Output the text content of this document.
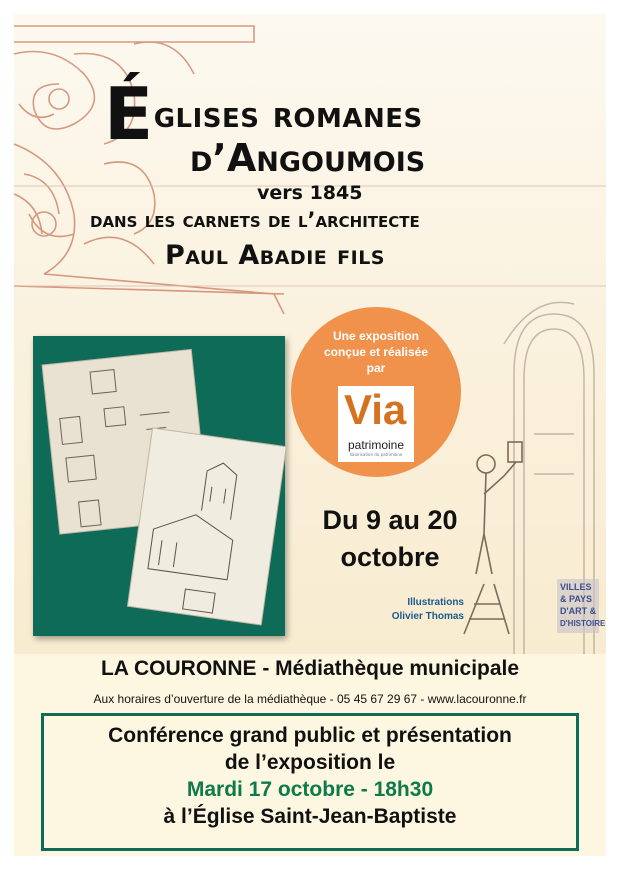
Églises romanes
d’Angoumois
vers 1845
dans les carnets de l’architecte
Paul Abadie fils
Une exposition
conçue et réalisée
par
Via
patrimoine
Valorisation du patrimoine
Du 9 au 20
octobre
Illustrations
Olivier Thomas
VILLES
& PAYS
D'ART &
D'HISTOIRE
LA COURONNE - Médiathèque municipale
Aux horaires d’ouverture de la médiathèque - 05 45 67 29 67 - www.lacouronne.fr
Conférence grand public et présentation
de l’exposition le
Mardi 17 octobre - 18h30
à l’Église Saint-Jean-Baptiste
